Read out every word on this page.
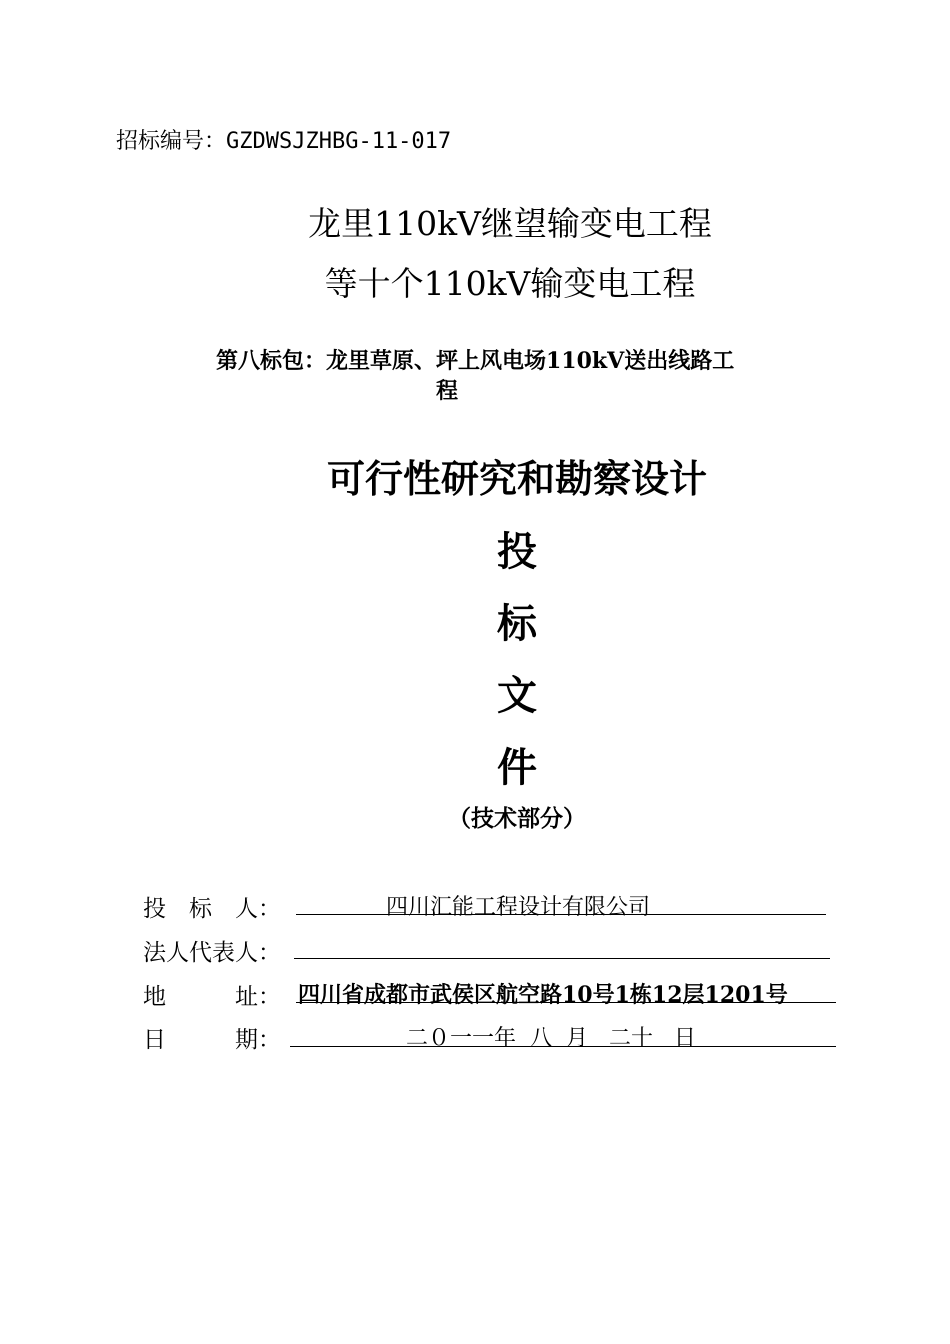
招标编号：GZDWSJZHBG-11-017
龙里110kV继望输变电工程
等十个110kV输变电工程
第八标包：龙里草原、坪上风电场110kV送出线路工
程
可行性研究和勘察设计
投
标
文
件
（技术部分）
投　标　人：	四川汇能工程设计有限公司
法人代表人：
地　　　址： 四川省成都市武侯区航空路10号1栋12层1201号
日　　　期：	二０一一年  八  月   二十   日
